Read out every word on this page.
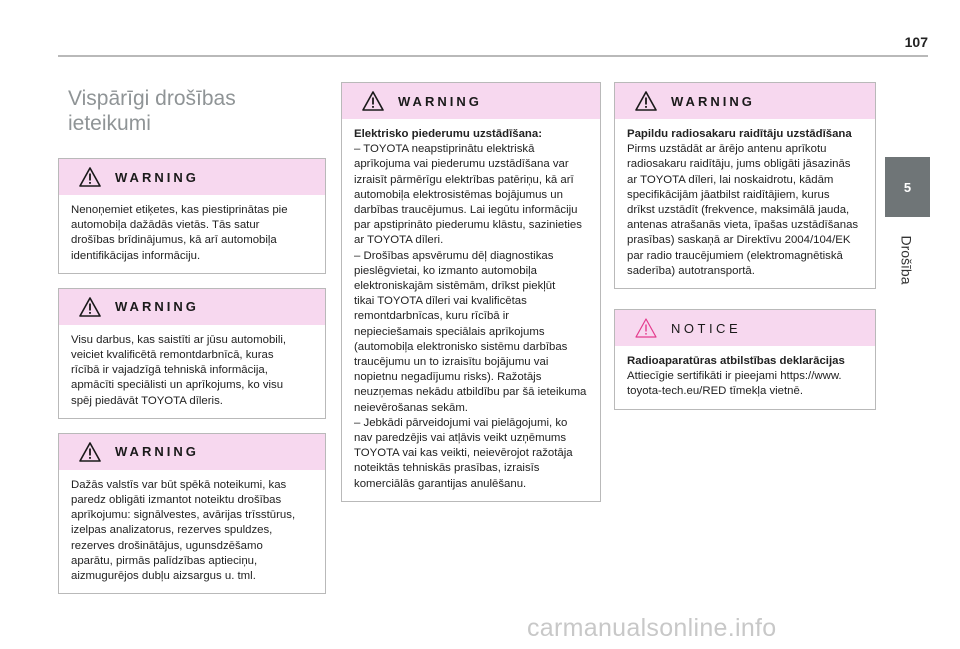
107
5
Drošība
Vispārīgi drošības
ieteikumi
WARNING

Nenoņemiet etiķetes, kas piestiprinātas pie
automobiļa dažādās vietās. Tās satur
drošības brīdinājumus, kā arī automobiļa
identifikācijas informāciju.

WARNING

Visu darbus, kas saistīti ar jūsu automobili,
veiciet kvalificētā remontdarbnīcā, kuras
rīcībā ir vajadzīgā tehniskā informācija,
apmācīti speciālisti un aprīkojums, ko visu
spēj piedāvāt TOYOTA dīleris.

WARNING

Dažās valstīs var būt spēkā noteikumi, kas
paredz obligāti izmantot noteiktu drošības
aprīkojumu: signālvestes, avārijas trīsstūrus,
izelpas analizatorus, rezerves spuldzes,
rezerves drošinātājus, ugunsdzēšamo
aparātu, pirmās palīdzības aptieciņu,
aizmugurējos dubļu aizsargus u. tml.

WARNING

Elektrisko piederumu uzstādīšana:

– TOYOTA neapstiprinātu elektriskā
aprīkojuma vai piederumu uzstādīšana var
izraisīt pārmērīgu elektrības patēriņu, kā arī
automobiļa elektrosistēmas bojājumus un
darbības traucējumus. Lai iegūtu informāciju
par apstiprināto piederumu klāstu, sazinieties
ar TOYOTA dīleri.
– Drošības apsvērumu dēļ diagnostikas
pieslēgvietai, ko izmanto automobiļa
elektroniskajām sistēmām, drīkst piekļūt
tikai TOYOTA dīleri vai kvalificētas
remontdarbnīcas, kuru rīcībā ir
nepieciešamais speciālais aprīkojums
(automobiļa elektronisko sistēmu darbības
traucējumu un to izraisītu bojājumu vai
nopietnu negadījumu risks). Ražotājs
neuzņemas nekādu atbildību par šā ieteikuma
neievērošanas sekām.
– Jebkādi pārveidojumi vai pielāgojumi, ko
nav paredzējis vai atļāvis veikt uzņēmums
TOYOTA vai kas veikti, neievērojot ražotāja
noteiktās tehniskās prasības, izraisīs
komerciālās garantijas anulēšanu.

WARNING

Papildu radiosakaru raidītāju uzstādīšana

Pirms uzstādāt ar ārējo antenu aprīkotu
radiosakaru raidītāju, jums obligāti jāsazinās
ar TOYOTA dīleri, lai noskaidrotu, kādām
specifikācijām jāatbilst raidītājiem, kurus
drīkst uzstādīt (frekvence, maksimālā jauda,
antenas atrašanās vieta, īpašas uzstādīšanas
prasības) saskaņā ar Direktīvu 2004/104/EK
par radio traucējumiem (elektromagnētiskā
saderība) autotransportā.

NOTICE

Radioaparatūras atbilstības deklarācijas

Attiecīgie sertifikāti ir pieejami https://www.
toyota-tech.eu/RED tīmekļa vietnē.

carmanualsonline.info
